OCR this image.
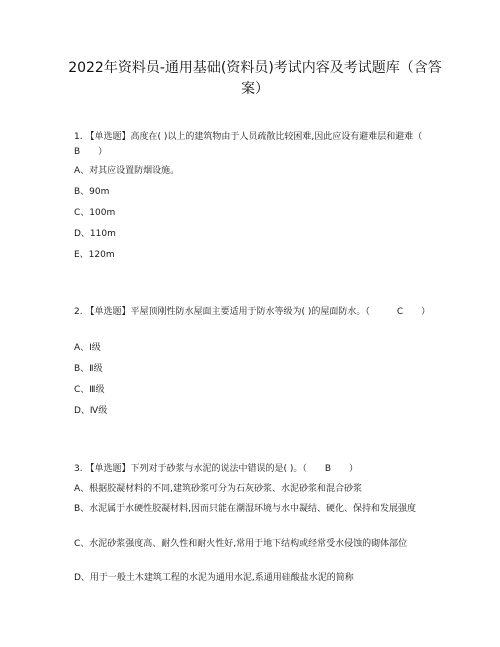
2022年资料员-通用基础(资料员)考试内容及考试题库（含答案）

1. 【单选题】高度在( )以上的建筑物由于人员疏散比较困难,因此应设有避难层和避难（　　B　　）

A、对其应设置防烟设施。

B、90m

C、100m

D、110m

E、120m

2. 【单选题】平屋顶刚性防水屋面主要适用于防水等级为( )的屋面防水。（　　　C　　）

A、Ⅰ级

B、Ⅱ级

C、Ⅲ级

D、Ⅳ级

3. 【单选题】下列对于砂浆与水泥的说法中错误的是( )。（　　B　　）

A、根据胶凝材料的不同,建筑砂浆可分为石灰砂浆、水泥砂浆和混合砂浆

B、水泥属于水硬性胶凝材料,因而只能在潮湿环境与水中凝结、硬化、保持和发展强度

C、水泥砂浆强度高、耐久性和耐火性好,常用于地下结构或经常受水侵蚀的砌体部位

D、用于一般土木建筑工程的水泥为通用水泥,系通用硅酸盐水泥的简称
